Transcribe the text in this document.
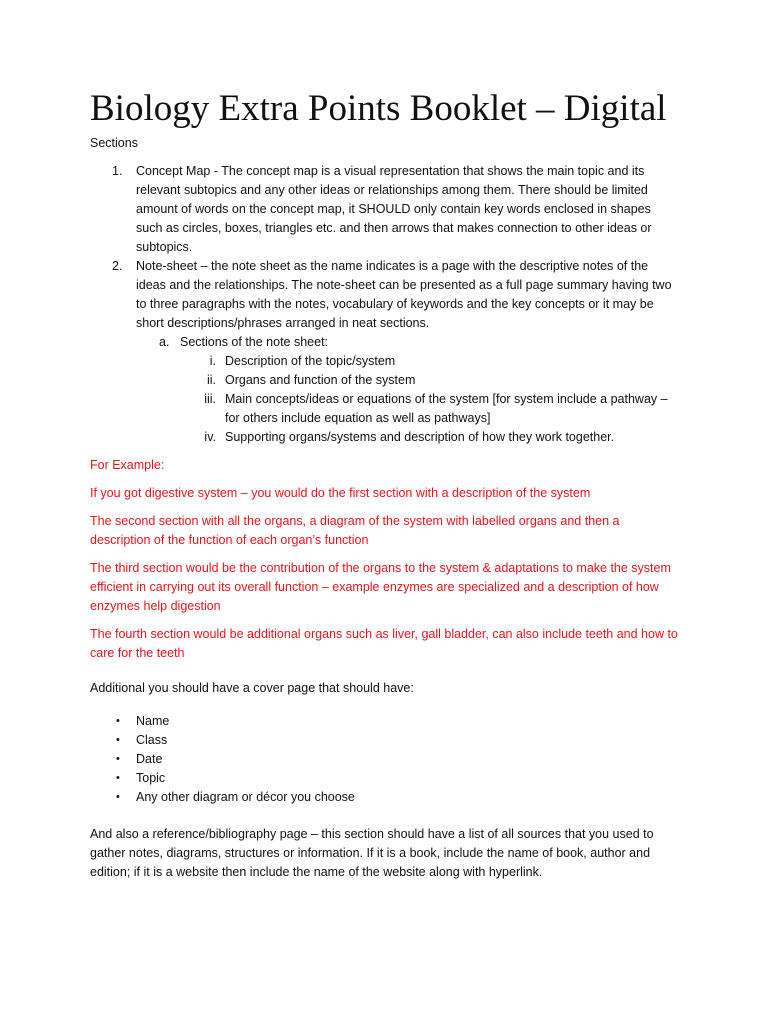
Biology Extra Points Booklet – Digital
Sections
1. Concept Map - The concept map is a visual representation that shows the main topic and its relevant subtopics and any other ideas or relationships among them. There should be limited amount of words on the concept map, it SHOULD only contain key words enclosed in shapes such as circles, boxes, triangles etc. and then arrows that makes connection to other ideas or subtopics.
2. Note-sheet – the note sheet as the name indicates is a page with the descriptive notes of the ideas and the relationships. The note-sheet can be presented as a full page summary having two to three paragraphs with the notes, vocabulary of keywords and the key concepts or it may be short descriptions/phrases arranged in neat sections.
a. Sections of the note sheet:
i. Description of the topic/system
ii. Organs and function of the system
iii. Main concepts/ideas or equations of the system [for system include a pathway – for others include equation as well as pathways]
iv. Supporting organs/systems and description of how they work together.

For Example:

If you got digestive system – you would do the first section with a description of the system

The second section with all the organs, a diagram of the system with labelled organs and then a description of the function of each organ’s function

The third section would be the contribution of the organs to the system & adaptations to make the system efficient in carrying out its overall function – example enzymes are specialized and a description of how enzymes help digestion

The fourth section would be additional organs such as liver, gall bladder, can also include teeth and how to care for the teeth

Additional you should have a cover page that should have:

• Name
• Class
• Date
• Topic
• Any other diagram or décor you choose

And also a reference/bibliography page – this section should have a list of all sources that you used to gather notes, diagrams, structures or information. If it is a book, include the name of book, author and edition; if it is a website then include the name of the website along with hyperlink.
